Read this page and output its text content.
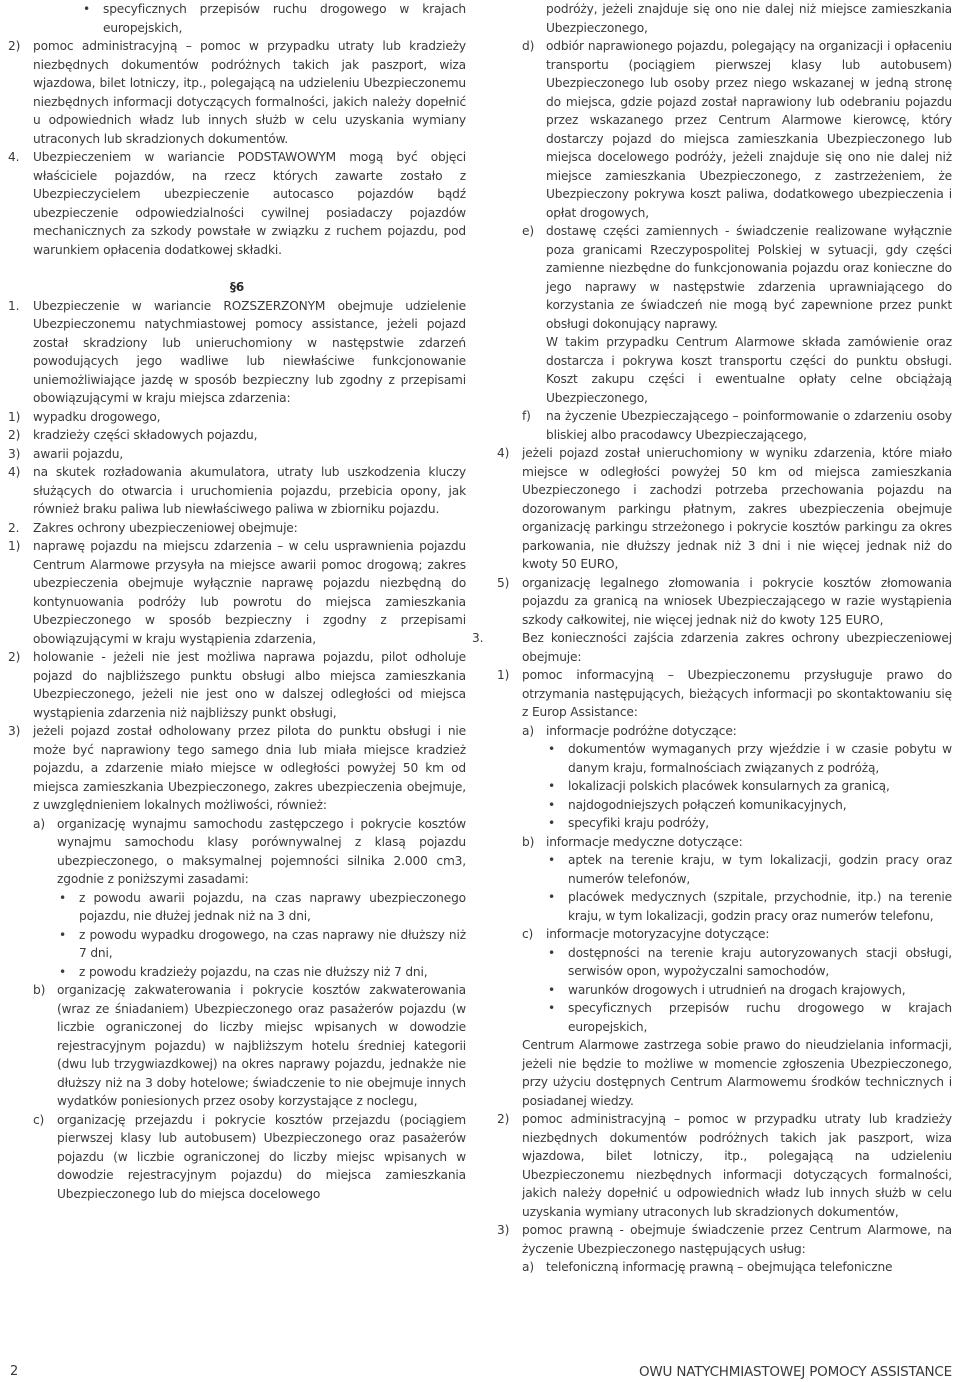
•	specyficznych przepisów ruchu drogowego w krajach europejskich,
2)	pomoc administracyjną – pomoc w przypadku utraty lub kradzieży niezbędnych dokumentów podróżnych takich jak paszport, wiza wjazdowa, bilet lotniczy, itp., polegającą na udzieleniu Ubezpieczonemu niezbędnych informacji dotyczących formalności, jakich należy dopełnić u odpowiednich władz lub innych służb w celu uzyskania wymiany utraconych lub skradzionych dokumentów.
4.	Ubezpieczeniem w wariancie PODSTAWOWYM mogą być objęci właściciele pojazdów, na rzecz których zawarte zostało z Ubezpieczycielem ubezpieczenie autocasco pojazdów bądź ubezpieczenie odpowiedzialności cywilnej posiadaczy pojazdów mechanicznych za szkody powstałe w związku z ruchem pojazdu, pod warunkiem opłacenia dodatkowej składki.
§6
1.	Ubezpieczenie w wariancie ROZSZERZONYM obejmuje udzielenie Ubezpieczonemu natychmiastowej pomocy assistance, jeżeli pojazd został skradziony lub unieruchomiony w następstwie zdarzeń powodujących jego wadliwe lub niewłaściwe funkcjonowanie uniemożliwiające jazdę w sposób bezpieczny lub zgodny z przepisami obowiązującymi w kraju miejsca zdarzenia:
1)	wypadku drogowego,
2)	kradzieży części składowych pojazdu,
3)	awarii pojazdu,
4)	na skutek rozładowania akumulatora, utraty lub uszkodzenia kluczy służących do otwarcia i uruchomienia pojazdu, przebicia opony, jak również braku paliwa lub niewłaściwego paliwa w zbiorniku pojazdu.
2.	Zakres ochrony ubezpieczeniowej obejmuje:
1)	naprawę pojazdu na miejscu zdarzenia – w celu usprawnienia pojazdu Centrum Alarmowe przysyła na miejsce awarii pomoc drogową; zakres ubezpieczenia obejmuje wyłącznie naprawę pojazdu niezbędną do kontynuowania podróży lub powrotu do miejsca zamieszkania Ubezpieczonego w sposób bezpieczny i zgodny z przepisami obowiązującymi w kraju wystąpienia zdarzenia,
2)	holowanie - jeżeli nie jest możliwa naprawa pojazdu, pilot odholuje pojazd do najbliższego punktu obsługi albo miejsca zamieszkania Ubezpieczonego, jeżeli nie jest ono w dalszej odległości od miejsca wystąpienia zdarzenia niż najbliższy punkt obsługi,
3)	jeżeli pojazd został odholowany przez pilota do punktu obsługi i nie może być naprawiony tego samego dnia lub miała miejsce kradzież pojazdu, a zdarzenie miało miejsce w odległości powyżej 50 km od miejsca zamieszkania Ubezpieczonego, zakres ubezpieczenia obejmuje, z uwzględnieniem lokalnych możliwości, również:
a) organizację wynajmu samochodu zastępczego i pokrycie kosztów wynajmu samochodu klasy porównywalnej z klasą pojazdu ubezpieczonego, o maksymalnej pojemności silnika 2.000 cm3, zgodnie z poniższymi zasadami:
•	z powodu awarii pojazdu, na czas naprawy ubezpieczonego pojazdu, nie dłużej jednak niż na 3 dni,
•	z powodu wypadku drogowego, na czas naprawy nie dłuższy niż 7 dni,
•	z powodu kradzieży pojazdu, na czas nie dłuższy niż 7 dni,
b) organizację zakwaterowania i pokrycie kosztów zakwaterowania (wraz ze śniadaniem) Ubezpieczonego oraz pasażerów pojazdu (w liczbie ograniczonej do liczby miejsc wpisanych w dowodzie rejestracyjnym pojazdu) w najbliższym hotelu średniej kategorii (dwu lub trzygwiazdkowej) na okres naprawy pojazdu, jednakże nie dłuższy niż na 3 doby hotelowe; świadczenie to nie obejmuje innych wydatków poniesionych przez osoby korzystające z noclegu,
c)	organizację przejazdu i pokrycie kosztów przejazdu (pociągiem pierwszej klasy lub autobusem) Ubezpieczonego oraz pasażerów pojazdu (w liczbie ograniczonej do liczby miejsc wpisanych w dowodzie rejestracyjnym pojazdu) do miejsca zamieszkania Ubezpieczonego lub do miejsca docelowego
podróży, jeżeli znajduje się ono nie dalej niż miejsce zamieszkania Ubezpieczonego,
d) odbiór naprawionego pojazdu, polegający na organizacji i opłaceniu transportu (pociągiem pierwszej klasy lub autobusem) Ubezpieczonego lub osoby przez niego wskazanej w jedną stronę do miejsca, gdzie pojazd został naprawiony lub odebraniu pojazdu przez wskazanego przez Centrum Alarmowe kierowcę, który dostarczy pojazd do miejsca zamieszkania Ubezpieczonego lub miejsca docelowego podróży, jeżeli znajduje się ono nie dalej niż miejsce zamieszkania Ubezpieczonego, z zastrzeżeniem, że Ubezpieczony pokrywa koszt paliwa, dodatkowego ubezpieczenia i opłat drogowych,
e) dostawę części zamiennych - świadczenie realizowane wyłącznie poza granicami Rzeczypospolitej Polskiej w sytuacji, gdy części zamienne niezbędne do funkcjonowania pojazdu oraz konieczne do jego naprawy w następstwie zdarzenia uprawniającego do korzystania ze świadczeń nie mogą być zapewnione przez punkt obsługi dokonujący naprawy.
W takim przypadku Centrum Alarmowe składa zamówienie oraz dostarcza i pokrywa koszt transportu części do punktu obsługi. Koszt zakupu części i ewentualne opłaty celne obciążają Ubezpieczonego,
f)	na życzenie Ubezpieczającego – poinformowanie o zdarzeniu osoby bliskiej albo pracodawcy Ubezpieczającego,
4)	jeżeli pojazd został unieruchomiony w wyniku zdarzenia, które miało miejsce w odległości powyżej 50 km od miejsca zamieszkania Ubezpieczonego i zachodzi potrzeba przechowania pojazdu na dozorowanym parkingu płatnym, zakres ubezpieczenia obejmuje organizację parkingu strzeżonego i pokrycie kosztów parkingu za okres parkowania, nie dłuższy jednak niż 3 dni i nie więcej jednak niż do kwoty 50 EURO,
5)	organizację legalnego złomowania i pokrycie kosztów złomowania pojazdu za granicą na wniosek Ubezpieczającego w razie wystąpienia szkody całkowitej, nie więcej jednak niż do kwoty 125 EURO,
3.	Bez konieczności zajścia zdarzenia zakres ochrony ubezpieczeniowej obejmuje:
1)	pomoc informacyjną – Ubezpieczonemu przysługuje prawo do otrzymania następujących, bieżących informacji po skontaktowaniu się z Europ Assistance:
a) informacje podróżne dotyczące:
•	dokumentów wymaganych przy wjeździe i w czasie pobytu w danym kraju, formalnościach związanych z podróżą,
•	lokalizacji polskich placówek konsularnych za granicą,
•	najdogodniejszych połączeń komunikacyjnych,
•	specyfiki kraju podróży,
b) informacje medyczne dotyczące:
•	aptek na terenie kraju, w tym lokalizacji, godzin pracy oraz numerów telefonów,
•	placówek medycznych (szpitale, przychodnie, itp.) na terenie kraju, w tym lokalizacji, godzin pracy oraz numerów telefonu,
c)	informacje motoryzacyjne dotyczące:
•	dostępności na terenie kraju autoryzowanych stacji obsługi, serwisów opon, wypożyczalni samochodów,
•	warunków drogowych i utrudnień na drogach krajowych,
•	specyficznych przepisów ruchu drogowego w krajach europejskich,
Centrum Alarmowe zastrzega sobie prawo do nieudzielania informacji, jeżeli nie będzie to możliwe w momencie zgłoszenia Ubezpieczonego, przy użyciu dostępnych Centrum Alarmowemu środków technicznych i posiadanej wiedzy.
2)	pomoc administracyjną – pomoc w przypadku utraty lub kradzieży niezbędnych dokumentów podróżnych takich jak paszport, wiza wjazdowa, bilet lotniczy, itp., polegającą na udzieleniu Ubezpieczonemu niezbędnych informacji dotyczących formalności, jakich należy dopełnić u odpowiednich władz lub innych służb w celu uzyskania wymiany utraconych lub skradzionych dokumentów,
3)	pomoc prawną - obejmuje świadczenie przez Centrum Alarmowe, na życzenie Ubezpieczonego następujących usług:
a) telefoniczną informację prawną – obejmująca telefoniczne
2	OWU NATYCHMIASTOWEJ POMOCY ASSISTANCE
